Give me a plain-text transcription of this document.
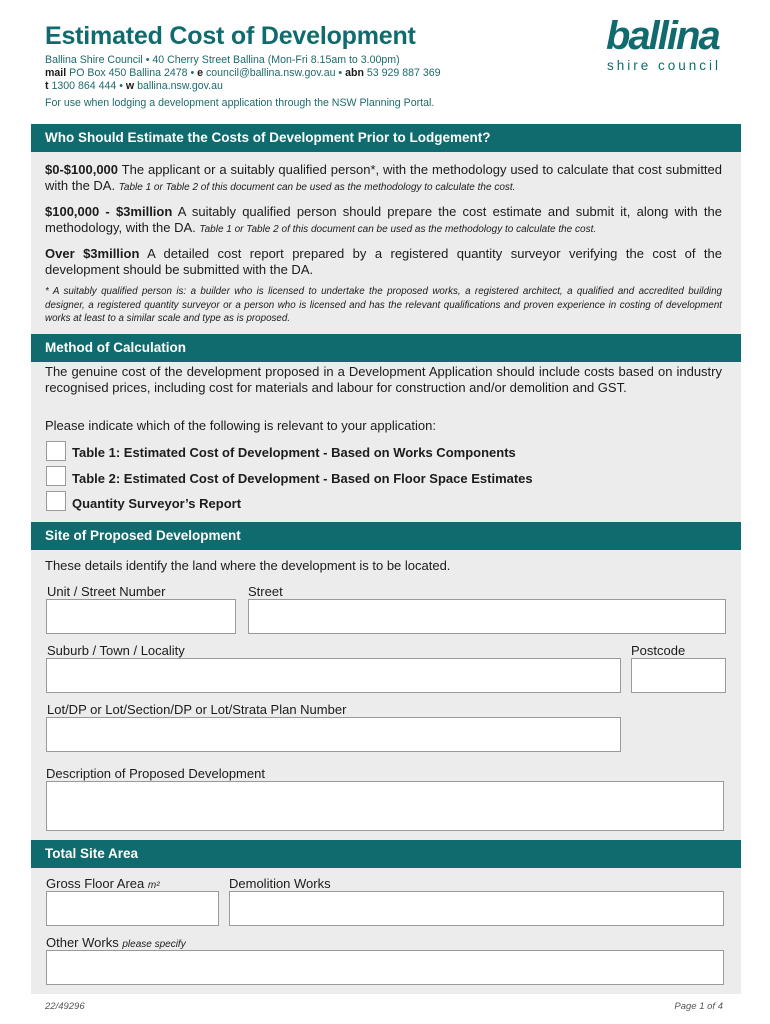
Estimated Cost of Development
Ballina Shire Council • 40 Cherry Street Ballina (Mon-Fri 8.15am to 3.00pm)
mail PO Box 450 Ballina 2478 • e council@ballina.nsw.gov.au • abn 53 929 887 369
t 1300 864 444 • w ballina.nsw.gov.au
For use when lodging a development application through the NSW Planning Portal.
ballina
shire council
Who Should Estimate the Costs of Development Prior to Lodgement?
$0-$100,000 The applicant or a suitably qualified person*, with the methodology used to calculate that cost submitted with the DA. Table 1 or Table 2 of this document can be used as the methodology to calculate the cost.
$100,000 - $3million A suitably qualified person should prepare the cost estimate and submit it, along with the methodology, with the DA. Table 1 or Table 2 of this document can be used as the methodology to calculate the cost.
Over $3million A detailed cost report prepared by a registered quantity surveyor verifying the cost of the development should be submitted with the DA.
* A suitably qualified person is: a builder who is licensed to undertake the proposed works, a registered architect, a qualified and accredited building designer, a registered quantity surveyor or a person who is licensed and has the relevant qualifications and proven experience in costing of development works at least to a similar scale and type as is proposed.
Method of Calculation
The genuine cost of the development proposed in a Development Application should include costs based on industry recognised prices, including cost for materials and labour for construction and/or demolition and GST.
Please indicate which of the following is relevant to your application:
Table 1: Estimated Cost of Development - Based on Works Components
Table 2: Estimated Cost of Development - Based on Floor Space Estimates
Quantity Surveyor’s Report
Site of Proposed Development
These details identify the land where the development is to be located.
Unit / Street Number	Street
Suburb / Town / Locality	Postcode
Lot/DP or Lot/Section/DP or Lot/Strata Plan Number
Description of Proposed Development
Total Site Area
Gross Floor Area m²	Demolition Works
Other Works please specify
22/49296	Page 1 of 4
